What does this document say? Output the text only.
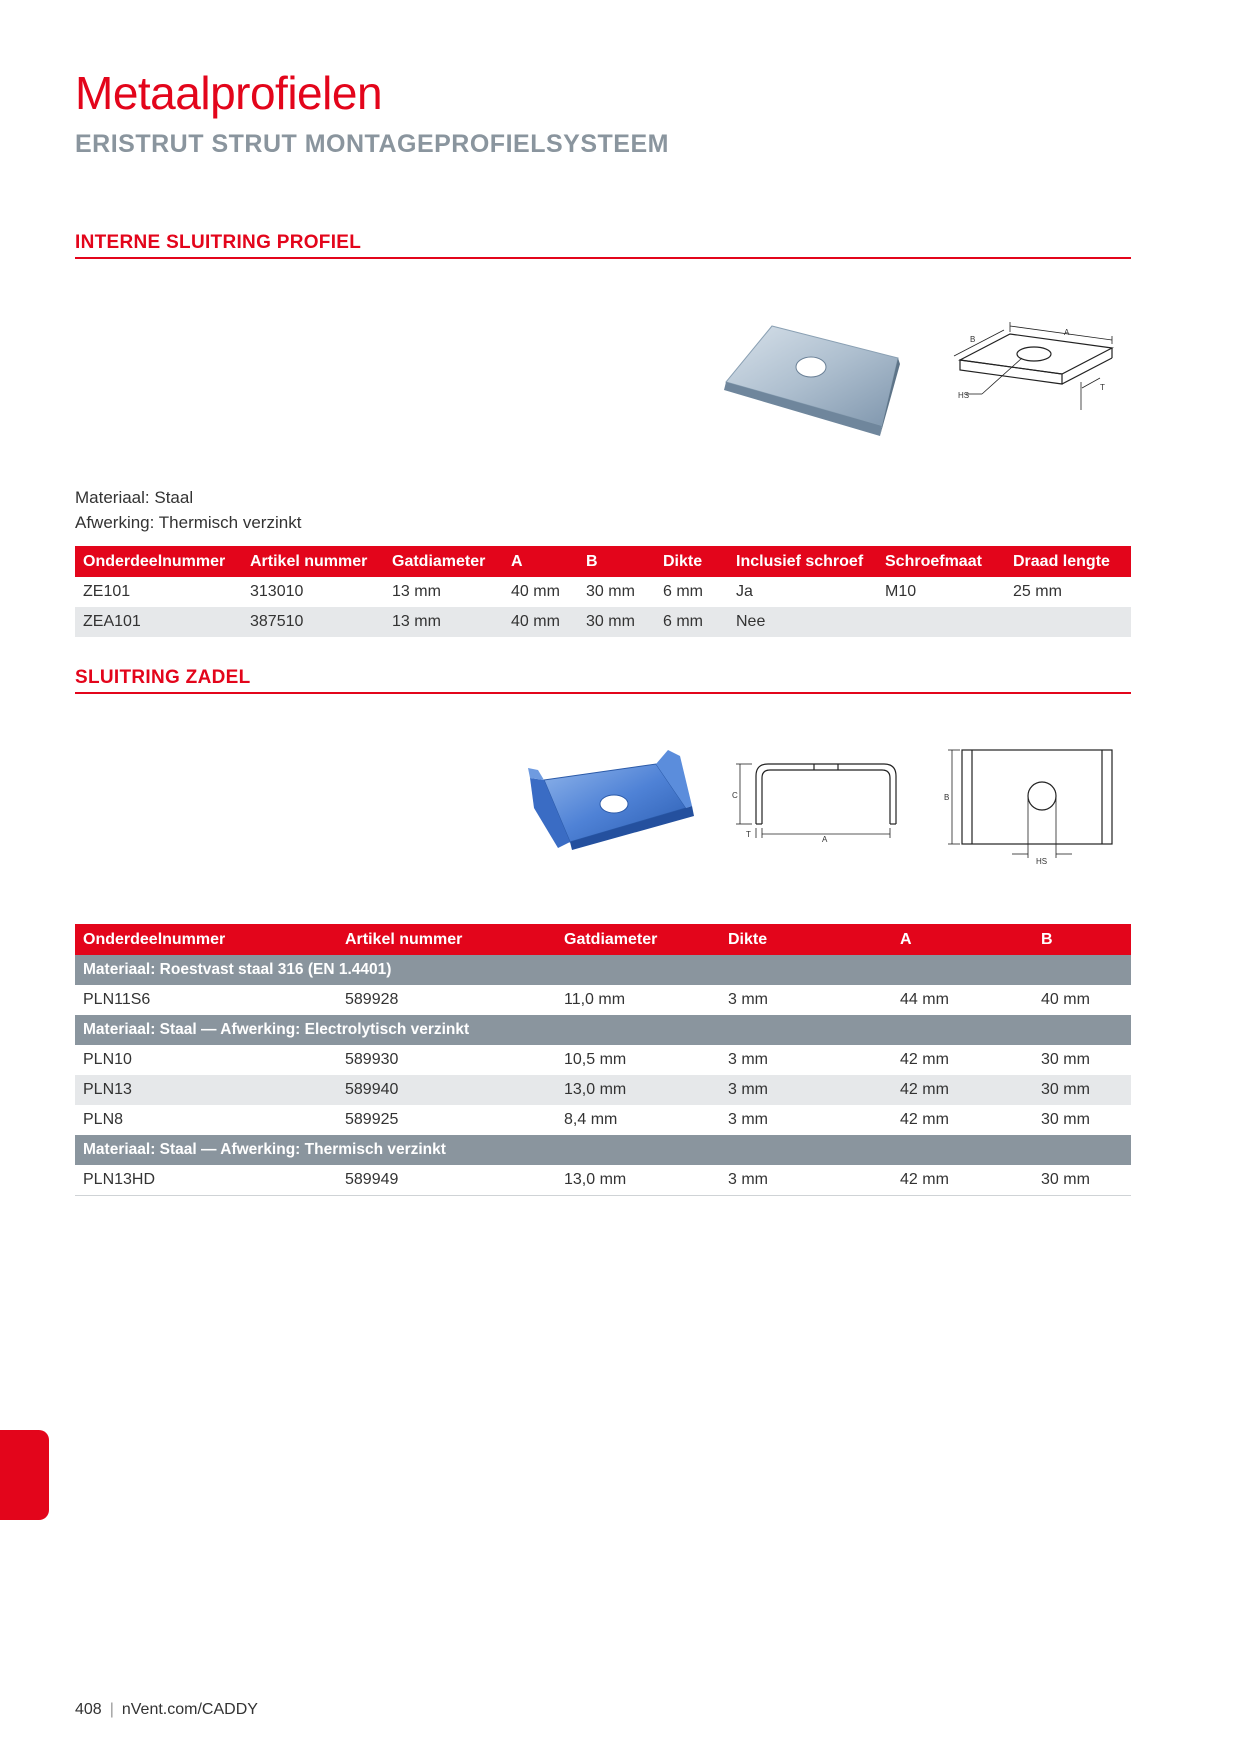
Metaalprofielen
ERISTRUT STRUT MONTAGEPROFIELSYSTEEM
INTERNE SLUITRING PROFIEL
A
B
T
HS
Materiaal: Staal
Afwerking: Thermisch verzinkt
Onderdeelnummer	Artikel nummer	Gatdiameter	A	B	Dikte	Inclusief schroef	Schroefmaat	Draad lengte
ZE101	313010	13 mm	40 mm	30 mm	6 mm	Ja	M10	25 mm
ZEA101	387510	13 mm	40 mm	30 mm	6 mm	Nee		
SLUITRING ZADEL
C
T
A
B
HS
Onderdeelnummer	Artikel nummer	Gatdiameter	Dikte	A	B
Materiaal: Roestvast staal 316 (EN 1.4401)					
PLN11S6	589928	11,0 mm	3 mm	44 mm	40 mm
Materiaal: Staal — Afwerking: Electrolytisch verzinkt					
PLN10	589930	10,5 mm	3 mm	42 mm	30 mm
PLN13	589940	13,0 mm	3 mm	42 mm	30 mm
PLN8	589925	8,4 mm	3 mm	42 mm	30 mm
Materiaal: Staal — Afwerking: Thermisch verzinkt					
PLN13HD	589949	13,0 mm	3 mm	42 mm	30 mm
408 | nVent.com/CADDY
